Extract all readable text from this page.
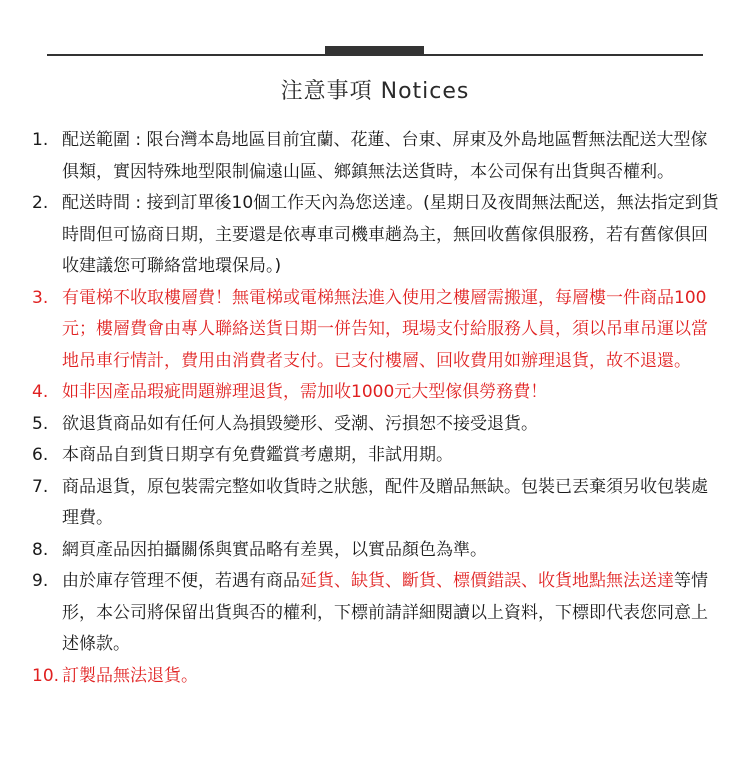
注意事項 Notices
1. 配送範圍 : 限台灣本島地區目前宜蘭、花蓮、台東、屏東及外島地區暫無法配送大型傢俱類，實因特殊地型限制偏遠山區、鄉鎮無法送貨時，本公司保有出貨與否權利。
2. 配送時間 : 接到訂單後10個工作天內為您送達。(星期日及夜間無法配送，無法指定到貨時間但可協商日期，主要還是依專車司機車趟為主，無回收舊傢俱服務，若有舊傢俱回收建議您可聯絡當地環保局。)
3. 有電梯不收取樓層費！無電梯或電梯無法進入使用之樓層需搬運，每層樓一件商品100元；樓層費會由專人聯絡送貨日期一併告知，現場支付給服務人員，須以吊車吊運以當地吊車行情計，費用由消費者支付。已支付樓層、回收費用如辦理退貨，故不退還。
4. 如非因產品瑕疵問題辦理退貨，需加收1000元大型傢俱勞務費！
5. 欲退貨商品如有任何人為損毀變形、受潮、污損恕不接受退貨。
6. 本商品自到貨日期享有免費鑑賞考慮期，非試用期。
7. 商品退貨，原包裝需完整如收貨時之狀態，配件及贈品無缺。包裝已丟棄須另收包裝處理費。
8. 網頁產品因拍攝關係與實品略有差異，以實品顏色為準。
9. 由於庫存管理不便，若遇有商品延貨、缺貨、斷貨、標價錯誤、收貨地點無法送達等情形，本公司將保留出貨與否的權利，下標前請詳細閱讀以上資料，下標即代表您同意上述條款。
10. 訂製品無法退貨。
